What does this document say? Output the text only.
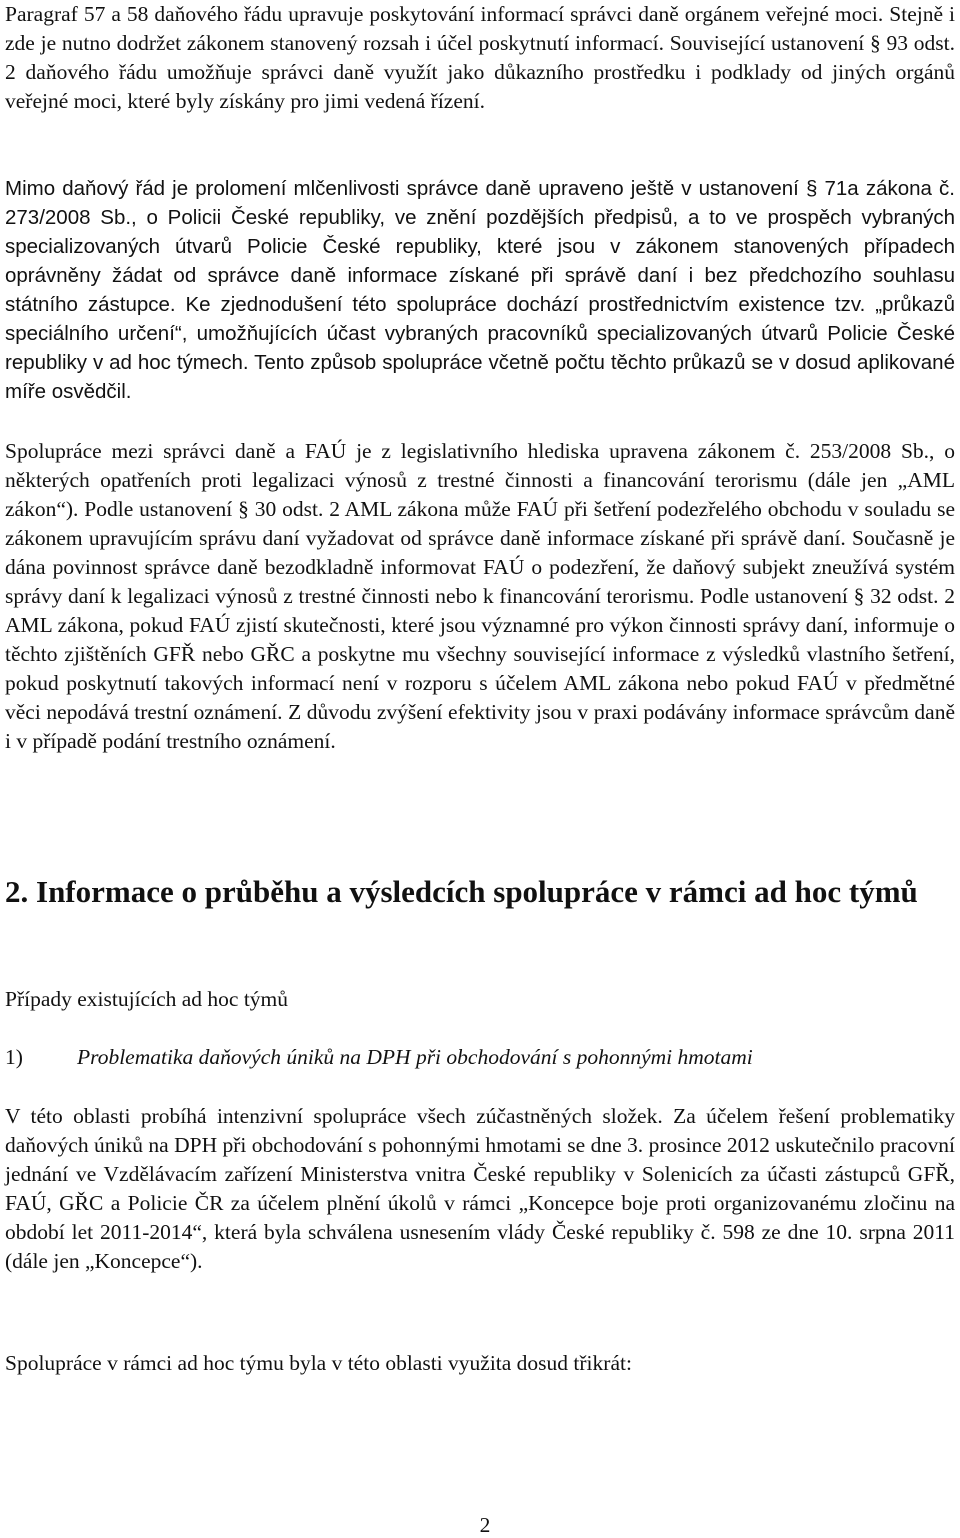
Paragraf 57 a 58 daňového řádu upravuje poskytování informací správci daně orgánem veřejné moci. Stejně i zde je nutno dodržet zákonem stanovený rozsah i účel poskytnutí informací. Související ustanovení § 93 odst. 2 daňového řádu umožňuje správci daně využít jako důkazního prostředku i podklady od jiných orgánů veřejné moci, které byly získány pro jimi vedená řízení.

Mimo daňový řád je prolomení mlčenlivosti správce daně upraveno ještě v ustanovení § 71a zákona č. 273/2008 Sb., o Policii České republiky, ve znění pozdějších předpisů, a to ve prospěch vybraných specializovaných útvarů Policie České republiky, které jsou v zákonem stanovených případech oprávněny žádat od správce daně informace získané při správě daní i bez předchozího souhlasu státního zástupce. Ke zjednodušení této spolupráce dochází prostřednictvím existence tzv. „průkazů speciálního určení“, umožňujících účast vybraných pracovníků specializovaných útvarů Policie České republiky v ad hoc týmech. Tento způsob spolupráce včetně počtu těchto průkazů se v dosud aplikované míře osvědčil.

Spolupráce mezi správci daně a FAÚ je z legislativního hlediska upravena zákonem č. 253/2008 Sb., o některých opatřeních proti legalizaci výnosů z trestné činnosti a financování terorismu (dále jen „AML zákon“). Podle ustanovení § 30 odst. 2 AML zákona může FAÚ při šetření podezřelého obchodu v souladu se zákonem upravujícím správu daní vyžadovat od správce daně informace získané při správě daní. Současně je dána povinnost správce daně bezodkladně informovat FAÚ o podezření, že daňový subjekt zneužívá systém správy daní k legalizaci výnosů z trestné činnosti nebo k financování terorismu. Podle ustanovení § 32 odst. 2 AML zákona, pokud FAÚ zjistí skutečnosti, které jsou významné pro výkon činnosti správy daní, informuje o těchto zjištěních GFŘ nebo GŘC a poskytne mu všechny související informace z výsledků vlastního šetření, pokud poskytnutí takových informací není v rozporu s účelem AML zákona nebo pokud FAÚ v předmětné věci nepodává trestní oznámení. Z důvodu zvýšení efektivity jsou v praxi podávány informace správcům daně i v případě podání trestního oznámení.

2. Informace o průběhu a výsledcích spolupráce v rámci ad hoc týmů

Případy existujících ad hoc týmů

1)	Problematika daňových úniků na DPH při obchodování s pohonnými hmotami

V této oblasti probíhá intenzivní spolupráce všech zúčastněných složek. Za účelem řešení problematiky daňových úniků na DPH při obchodování s pohonnými hmotami se dne 3. prosince 2012 uskutečnilo pracovní jednání ve Vzdělávacím zařízení Ministerstva vnitra České republiky v Solenicích za účasti zástupců GFŘ, FAÚ, GŘC a Policie ČR za účelem plnění úkolů v rámci „Koncepce boje proti organizovanému zločinu na období let 2011-2014“, která byla schválena usnesením vlády České republiky č. 598 ze dne 10. srpna 2011 (dále jen „Koncepce“).

Spolupráce v rámci ad hoc týmu byla v této oblasti využita dosud třikrát:

2
